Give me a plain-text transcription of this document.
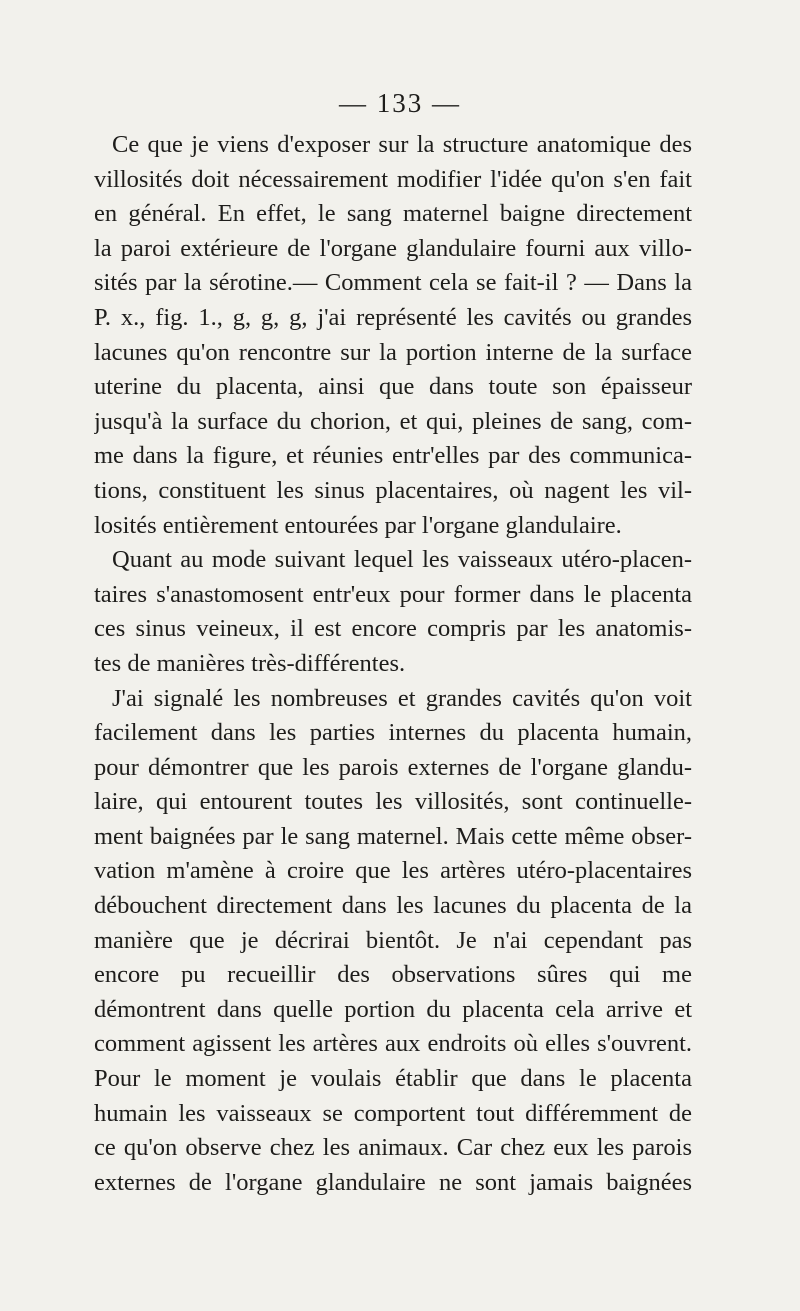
— 133 —
Ce que je viens d'exposer sur la structure anatomique des
villosités doit nécessairement modifier l'idée qu'on s'en fait
en général. En effet, le sang maternel baigne directement
la paroi extérieure de l'organe glandulaire fourni aux villo-
sités par la sérotine.— Comment cela se fait-il ? — Dans la
P. x., fig. 1., g, g, g, j'ai représenté les cavités ou grandes
lacunes qu'on rencontre sur la portion interne de la surface
uterine du placenta, ainsi que dans toute son épaisseur
jusqu'à la surface du chorion, et qui, pleines de sang, com-
me dans la figure, et réunies entr'elles par des communica-
tions, constituent les sinus placentaires, où nagent les vil-
losités entièrement entourées par l'organe glandulaire.
Quant au mode suivant lequel les vaisseaux utéro-placen-
taires s'anastomosent entr'eux pour former dans le placenta
ces sinus veineux, il est encore compris par les anatomis-
tes de manières très-différentes.
J'ai signalé les nombreuses et grandes cavités qu'on voit
facilement dans les parties internes du placenta humain,
pour démontrer que les parois externes de l'organe glandu-
laire, qui entourent toutes les villosités, sont continuelle-
ment baignées par le sang maternel. Mais cette même obser-
vation m'amène à croire que les artères utéro-placentaires
débouchent directement dans les lacunes du placenta de la
manière que je décrirai bientôt. Je n'ai cependant pas
encore pu recueillir des observations sûres qui me
démontrent dans quelle portion du placenta cela arrive et
comment agissent les artères aux endroits où elles s'ouvrent.
Pour le moment je voulais établir que dans le placenta
humain les vaisseaux se comportent tout différemment de
ce qu'on observe chez les animaux. Car chez eux les parois
externes de l'organe glandulaire ne sont jamais baignées
